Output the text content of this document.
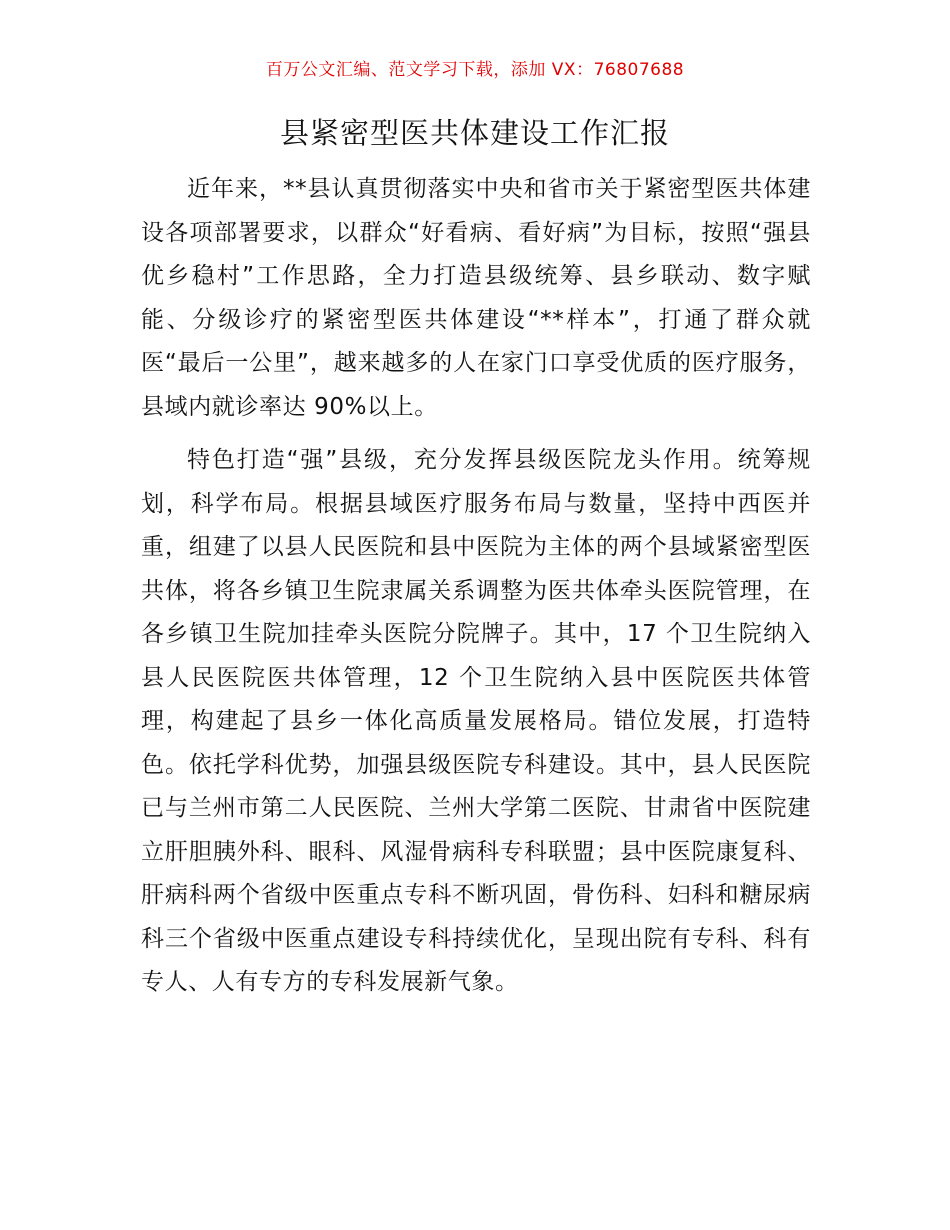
百万公文汇编、范文学习下载，添加 VX：76807688
县紧密型医共体建设工作汇报

近年来，**县认真贯彻落实中央和省市关于紧密型医共体建设各项部署要求，以群众“好看病、看好病”为目标，按照“强县优乡稳村”工作思路，全力打造县级统筹、县乡联动、数字赋能、分级诊疗的紧密型医共体建设“**样本”，打通了群众就医“最后一公里”，越来越多的人在家门口享受优质的医疗服务，县域内就诊率达 90%以上。

特色打造“强”县级，充分发挥县级医院龙头作用。统筹规划，科学布局。根据县域医疗服务布局与数量，坚持中西医并重，组建了以县人民医院和县中医院为主体的两个县域紧密型医共体，将各乡镇卫生院隶属关系调整为医共体牵头医院管理，在各乡镇卫生院加挂牵头医院分院牌子。其中，17 个卫生院纳入县人民医院医共体管理，12 个卫生院纳入县中医院医共体管理，构建起了县乡一体化高质量发展格局。错位发展，打造特色。依托学科优势，加强县级医院专科建设。其中，县人民医院已与兰州市第二人民医院、兰州大学第二医院、甘肃省中医院建立肝胆胰外科、眼科、风湿骨病科专科联盟；县中医院康复科、肝病科两个省级中医重点专科不断巩固，骨伤科、妇科和糖尿病科三个省级中医重点建设专科持续优化，呈现出院有专科、科有专人、人有专方的专科发展新气象。
